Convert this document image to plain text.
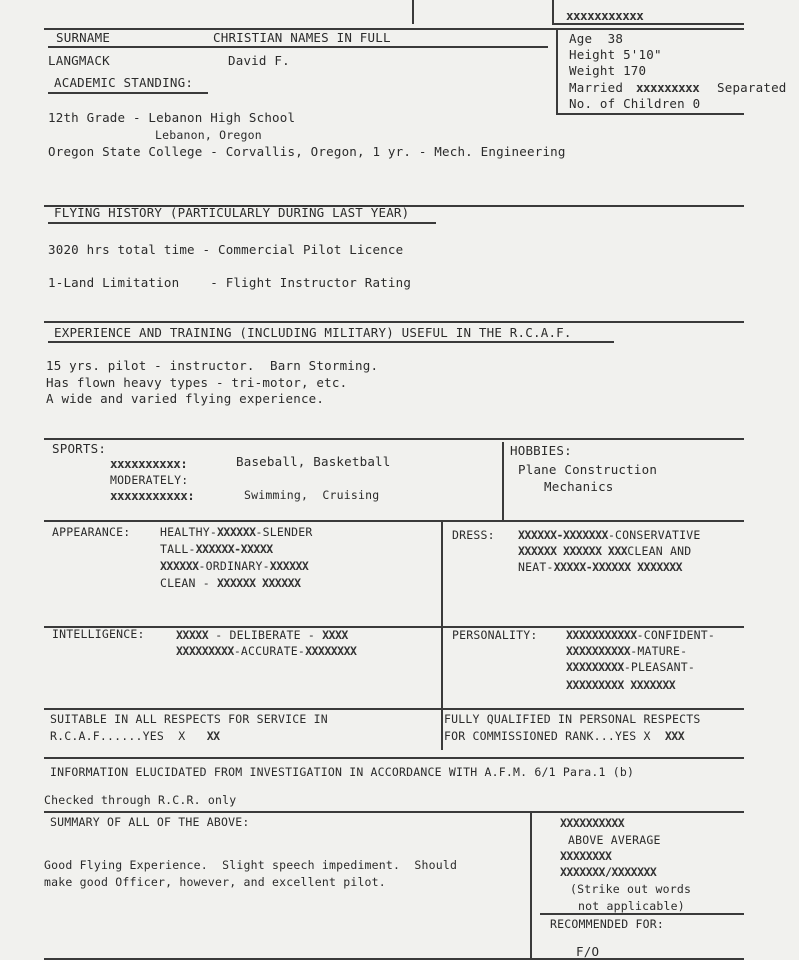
xxxxxxxxxxx
SURNAME	CHRISTIAN NAMES IN FULL
LANGMACK	David F.
Age  38
Height 5'10"
Weight 170
Married xxxxxxxxx Separated
No. of Children 0
ACADEMIC STANDING:
12th Grade - Lebanon High School
Lebanon, Oregon
Oregon State College - Corvallis, Oregon, 1 yr. - Mech. Engineering
FLYING HISTORY (PARTICULARLY DURING LAST YEAR)
3020 hrs total time - Commercial Pilot Licence
1-Land Limitation    - Flight Instructor Rating
EXPERIENCE AND TRAINING (INCLUDING MILITARY) USEFUL IN THE R.C.A.F.
15 yrs. pilot - instructor.  Barn Storming.
Has flown heavy types - tri-motor, etc.
A wide and varied flying experience.
SPORTS:
xxxxxxxxxx:	Baseball, Basketball
MODERATELY:
xxxxxxxxxxx:	Swimming,  Cruising
HOBBIES:
Plane Construction
Mechanics
APPEARANCE:	HEALTHY-XXXXXX-SLENDER
TALL-XXXXXX-XXXXX
XXXXXX-ORDINARY-XXXXXX
CLEAN - XXXXXX XXXXXX
DRESS: XXXXXX-XXXXXXX-CONSERVATIVE
XXXXXX XXXXXX XXXCLEAN AND
NEAT-XXXXX-XXXXXX XXXXXXX
INTELLIGENCE:	XXXXX - DELIBERATE - XXXX
XXXXXXXXX-ACCURATE-XXXXXXXX
PERSONALITY: XXXXXXXXXXX-CONFIDENT-
XXXXXXXXXX-MATURE-
XXXXXXXXX-PLEASANT-
XXXXXXXXX XXXXXXX
SUITABLE IN ALL RESPECTS FOR SERVICE IN
R.C.A.F......YES  X XX
FULLY QUALIFIED IN PERSONAL RESPECTS
FOR COMMISSIONED RANK...YES X XXX
INFORMATION ELUCIDATED FROM INVESTIGATION IN ACCORDANCE WITH A.F.M. 6/1 Para.1 (b)
Checked through R.C.R. only
SUMMARY OF ALL OF THE ABOVE:
Good Flying Experience.  Slight speech impediment.  Should
make good Officer, however, and excellent pilot.
XXXXXXXXXX
ABOVE AVERAGE
XXXXXXXX
XXXXXXX/XXXXXXX
(Strike out words
not applicable)
RECOMMENDED FOR:
F/O
